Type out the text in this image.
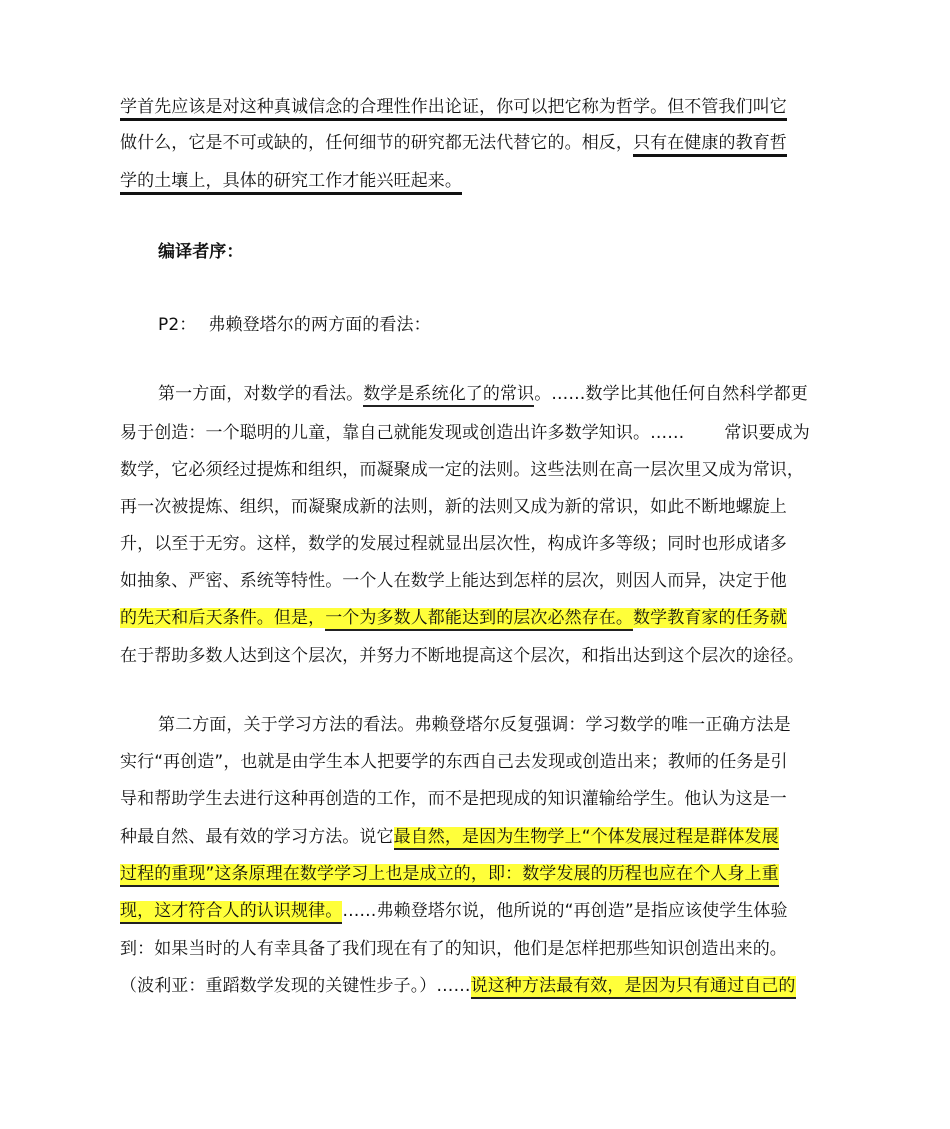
学首先应该是对这种真诚信念的合理性作出论证，你可以把它称为哲学。但不管我们叫它
做什么，它是不可或缺的，任何细节的研究都无法代替它的。相反，只有在健康的教育哲
学的土壤上，具体的研究工作才能兴旺起来。
编译者序：
P2： 弗赖登塔尔的两方面的看法：
第一方面，对数学的看法。数学是系统化了的常识。……数学比其他任何自然科学都更
易于创造：一个聪明的儿童，靠自己就能发现或创造出许多数学知识。…… 常识要成为
数学，它必须经过提炼和组织，而凝聚成一定的法则。这些法则在高一层次里又成为常识，
再一次被提炼、组织，而凝聚成新的法则，新的法则又成为新的常识，如此不断地螺旋上
升，以至于无穷。这样，数学的发展过程就显出层次性，构成许多等级；同时也形成诸多
如抽象、严密、系统等特性。一个人在数学上能达到怎样的层次，则因人而异，决定于他
的先天和后天条件。但是，一个为多数人都能达到的层次必然存在。数学教育家的任务就
在于帮助多数人达到这个层次，并努力不断地提高这个层次，和指出达到这个层次的途径。
第二方面，关于学习方法的看法。弗赖登塔尔反复强调：学习数学的唯一正确方法是
实行“再创造”，也就是由学生本人把要学的东西自己去发现或创造出来；教师的任务是引
导和帮助学生去进行这种再创造的工作，而不是把现成的知识灌输给学生。他认为这是一
种最自然、最有效的学习方法。说它最自然，是因为生物学上“个体发展过程是群体发展
过程的重现”这条原理在数学学习上也是成立的，即：数学发展的历程也应在个人身上重
现，这才符合人的认识规律。……弗赖登塔尔说，他所说的“再创造”是指应该使学生体验
到：如果当时的人有幸具备了我们现在有了的知识，他们是怎样把那些知识创造出来的。
（波利亚：重蹈数学发现的关键性步子。）……说这种方法最有效，是因为只有通过自己的
